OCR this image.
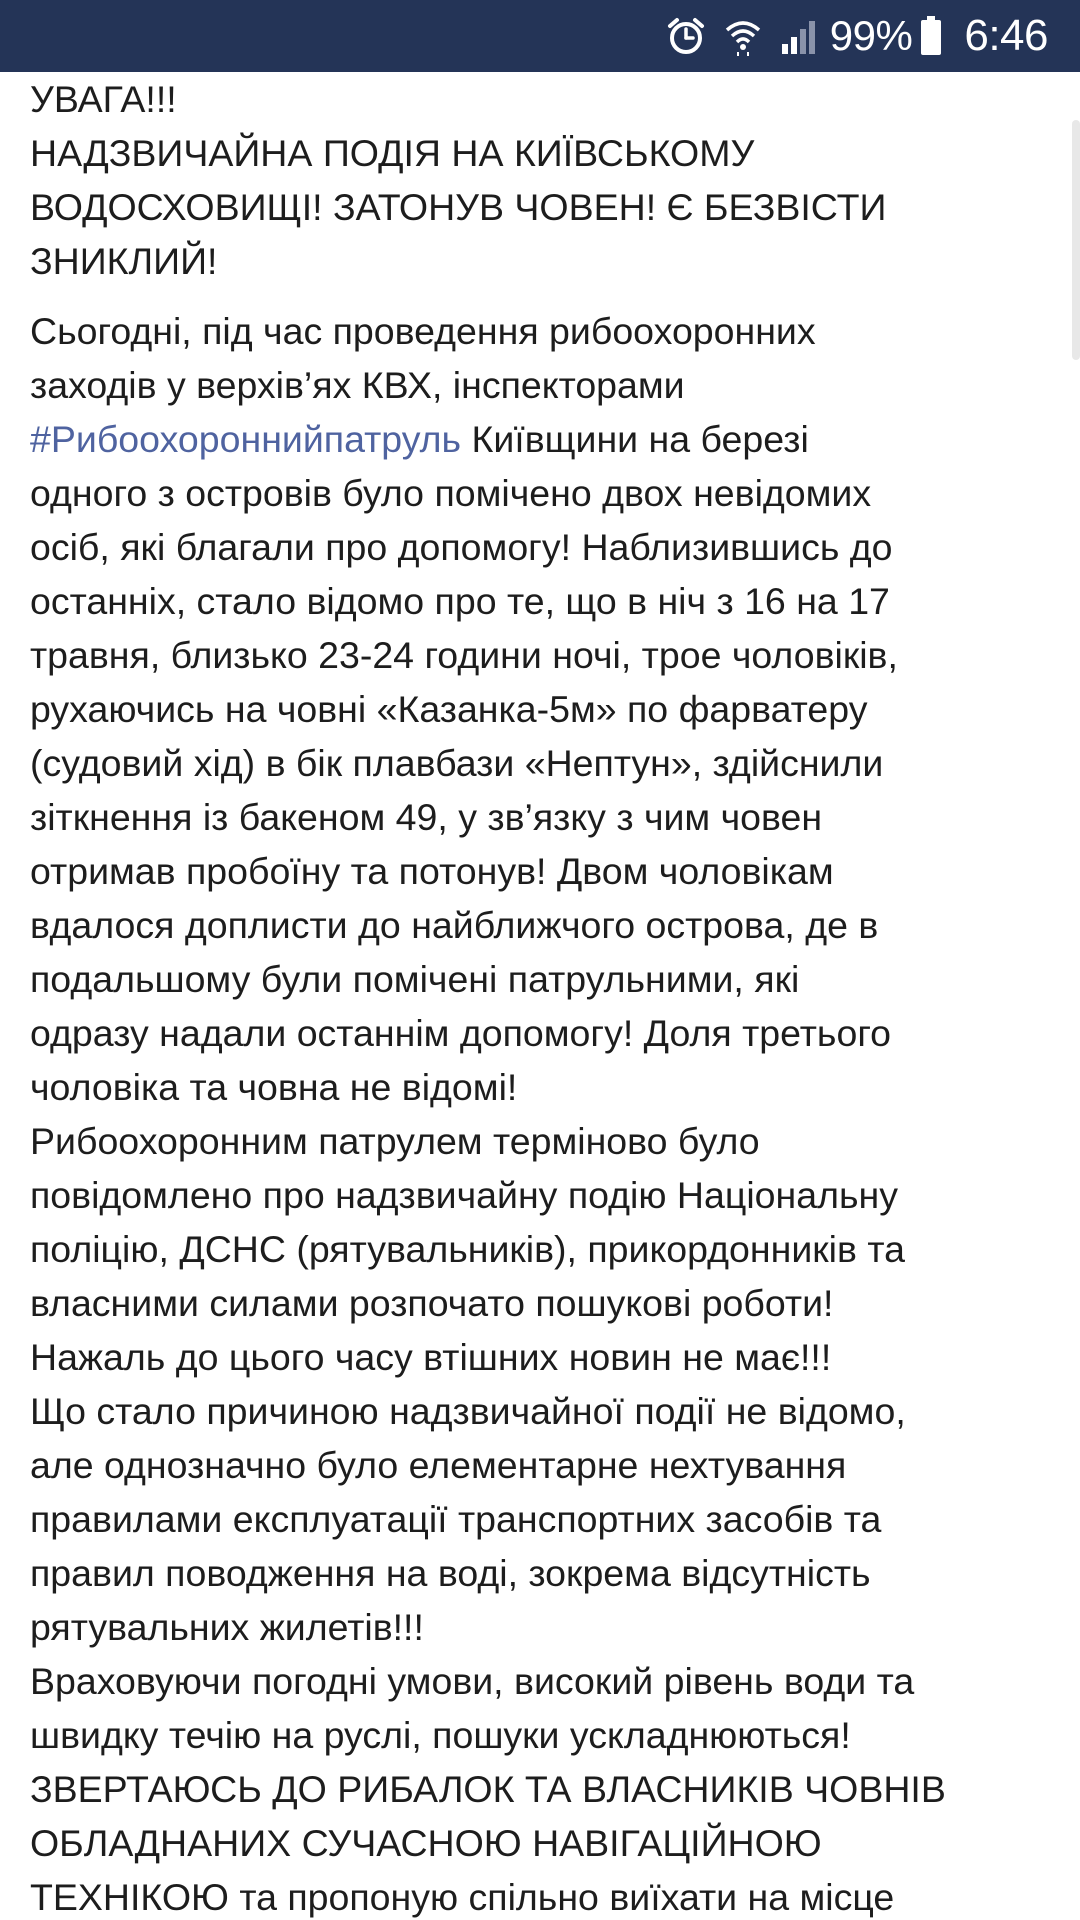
99% 6:46

УВАГА!!!

НАДЗВИЧАЙНА ПОДІЯ НА КИЇВСЬКОМУ

ВОДОСХОВИЩІ! ЗАТОНУВ ЧОВЕН! Є БЕЗВІСТИ

ЗНИКЛИЙ!

Сьогодні, під час проведення рибоохоронних

заходів у верхів’ях КВХ, інспекторами

#Рибоохороннийпатруль Київщини на березі

одного з островів було помічено двох невідомих

осіб, які благали про допомогу! Наблизившись до

останніх, стало відомо про те, що в ніч з 16 на 17

травня, близько 23-24 години ночі, трое чоловіків,

рухаючись на човні «Казанка-5м» по фарватеру

(судовий хід) в бік плавбази «Нептун», здійснили

зіткнення із бакеном 49, у зв’язку з чим човен

отримав пробоїну та потонув! Двом чоловікам

вдалося доплисти до найближчого острова, де в

подальшому були помічені патрульними, які

одразу надали останнім допомогу! Доля третього

чоловіка та човна не відомі!

Рибоохоронним патрулем терміново було

повідомлено про надзвичайну подію Національну

поліцію, ДСНС (рятувальників), прикордонників та

власними силами розпочато пошукові роботи!

Нажаль до цього часу втішних новин не має!!!

Що стало причиною надзвичайної події не відомо,

але однозначно було елементарне нехтування

правилами експлуатації транспортних засобів та

правил поводження на воді, зокрема відсутність

рятувальних жилетів!!!

Враховуючи погодні умови, високий рівень води та

швидку течію на руслі, пошуки ускладнюються!

ЗВЕРТАЮСЬ ДО РИБАЛОК ТА ВЛАСНИКІВ ЧОВНІВ

ОБЛАДНАНИХ СУЧАСНОЮ НАВІГАЦІЙНОЮ

ТЕХНІКОЮ та пропоную спільно виїхати на місце
